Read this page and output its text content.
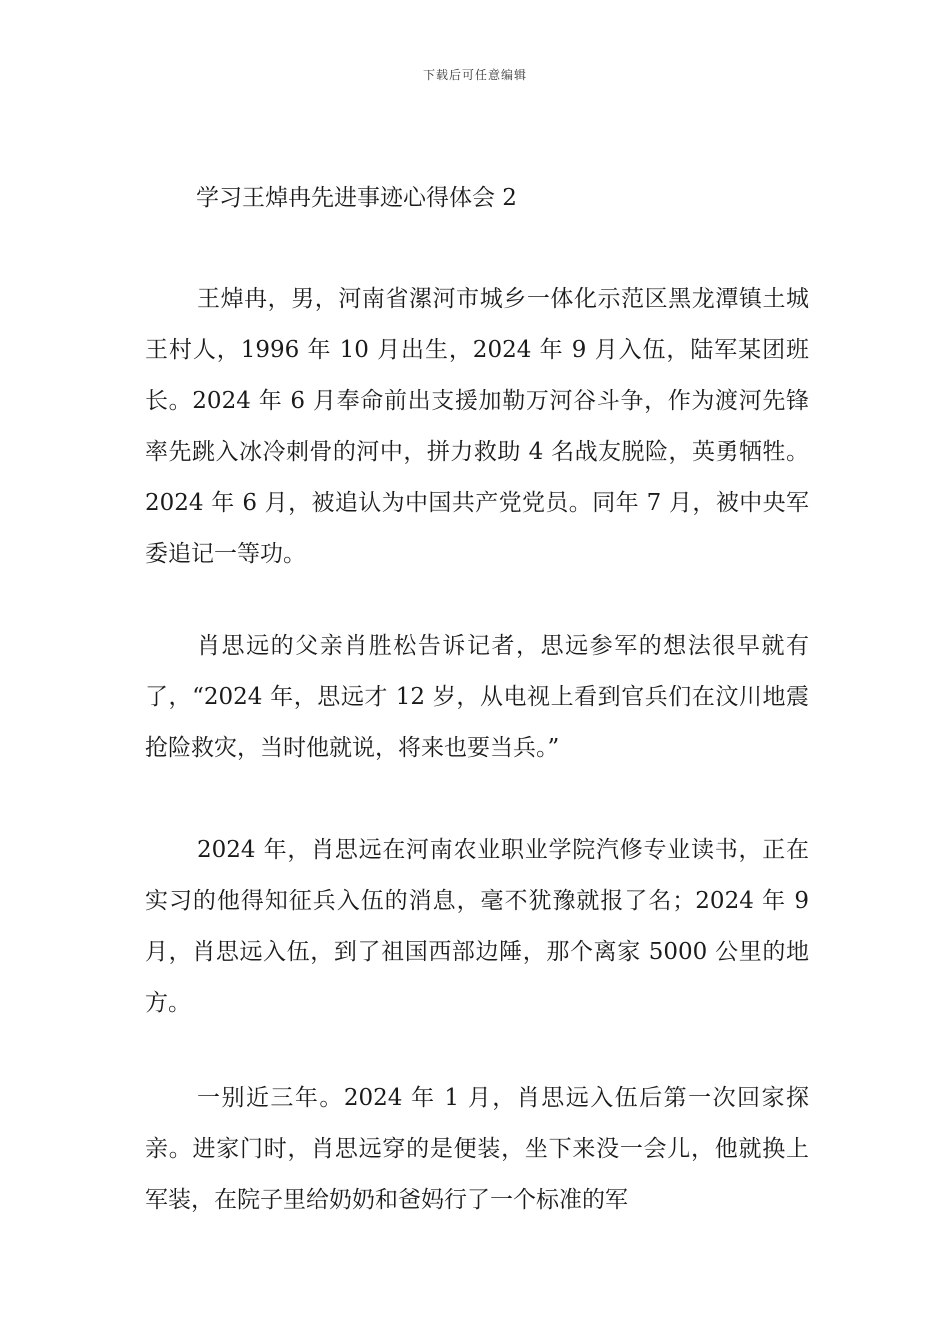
下载后可任意编辑
学习王焯冉先进事迹心得体会 2

王焯冉，男，河南省漯河市城乡一体化示范区黑龙潭镇土城王村人，1996 年 10 月出生，2024 年 9 月入伍，陆军某团班长。2024 年 6 月奉命前出支援加勒万河谷斗争，作为渡河先锋率先跳入冰冷刺骨的河中，拼力救助 4 名战友脱险，英勇牺牲。2024 年 6 月，被追认为中国共产党党员。同年 7 月，被中央军委追记一等功。

肖思远的父亲肖胜松告诉记者，思远参军的想法很早就有了，“2024 年，思远才 12 岁，从电视上看到官兵们在汶川地震抢险救灾，当时他就说，将来也要当兵。”

2024 年，肖思远在河南农业职业学院汽修专业读书，正在实习的他得知征兵入伍的消息，毫不犹豫就报了名；2024 年 9 月，肖思远入伍，到了祖国西部边陲，那个离家 5000 公里的地方。

一别近三年。2024 年 1 月，肖思远入伍后第一次回家探亲。进家门时，肖思远穿的是便装，坐下来没一会儿，他就换上军装，在院子里给奶奶和爸妈行了一个标准的军
